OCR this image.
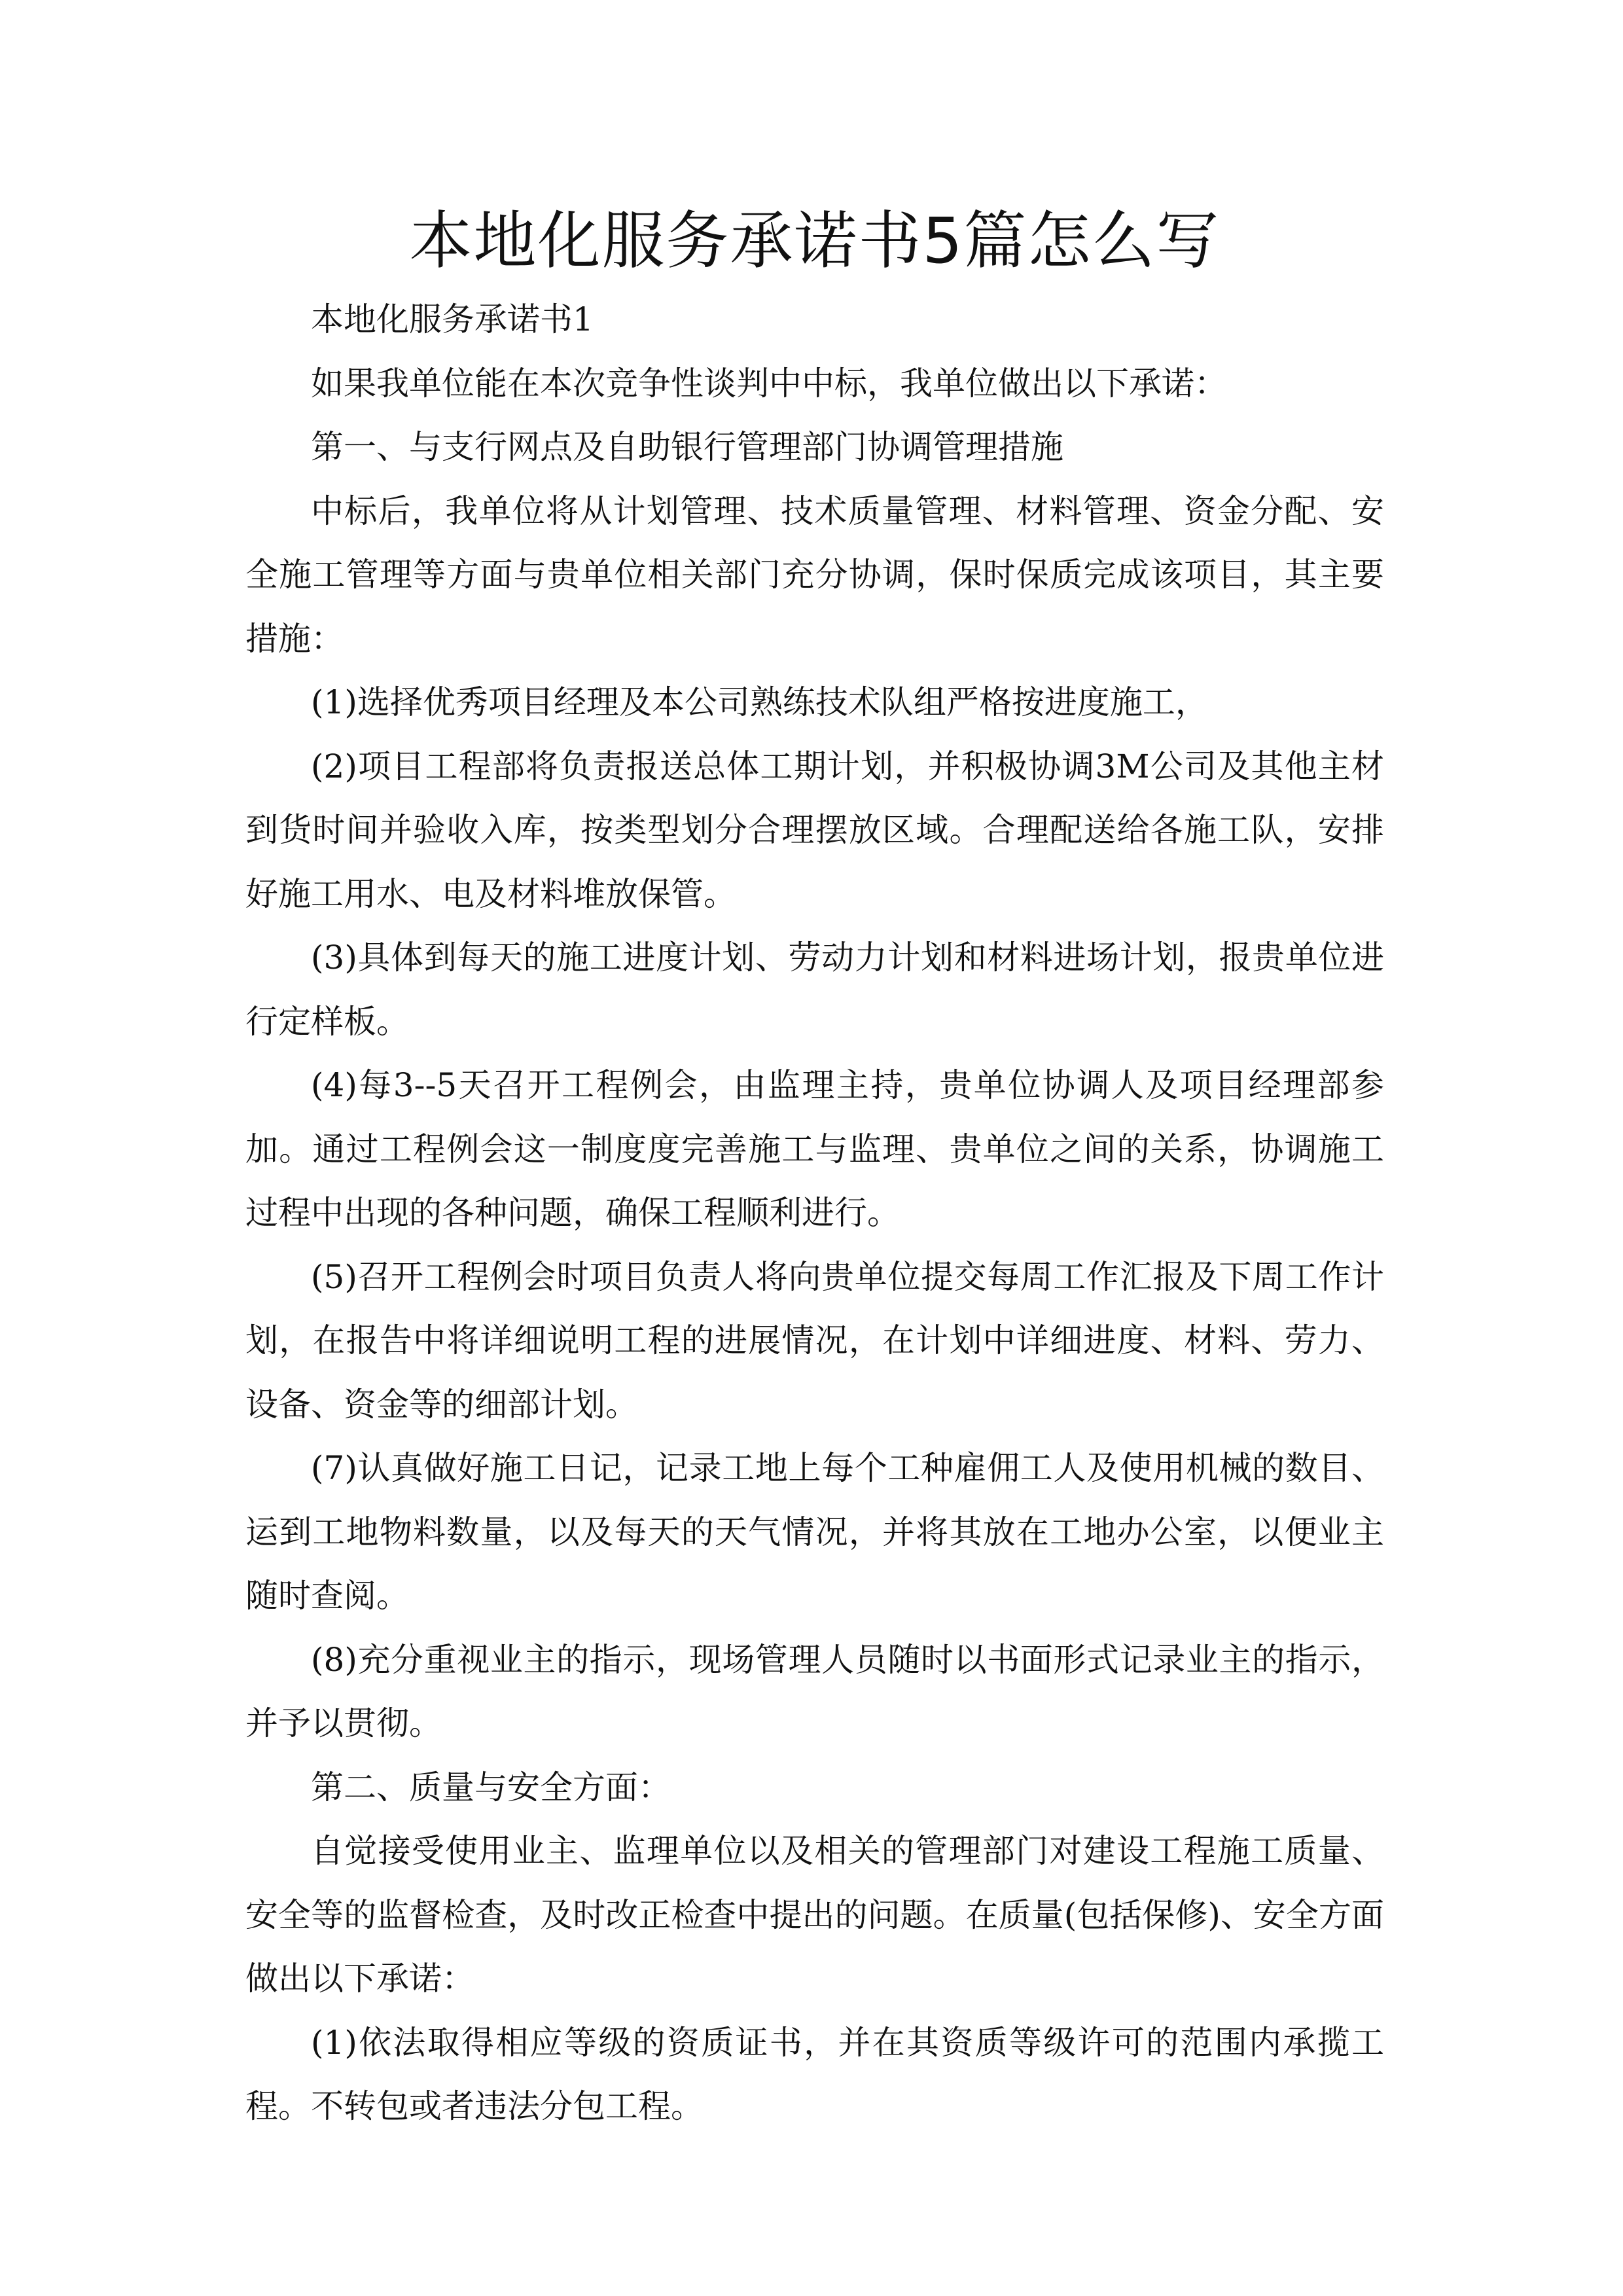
本地化服务承诺书5篇怎么写

本地化服务承诺书1

如果我单位能在本次竞争性谈判中中标，我单位做出以下承诺：

第一、与支行网点及自助银行管理部门协调管理措施

中标后，我单位将从计划管理、技术质量管理、材料管理、资金分配、安全施工管理等方面与贵单位相关部门充分协调，保时保质完成该项目，其主要措施：

(1)选择优秀项目经理及本公司熟练技术队组严格按进度施工，

(2)项目工程部将负责报送总体工期计划，并积极协调3M公司及其他主材到货时间并验收入库，按类型划分合理摆放区域。合理配送给各施工队，安排好施工用水、电及材料堆放保管。

(3)具体到每天的施工进度计划、劳动力计划和材料进场计划，报贵单位进行定样板。

(4)每3--5天召开工程例会，由监理主持，贵单位协调人及项目经理部参加。通过工程例会这一制度度完善施工与监理、贵单位之间的关系，协调施工过程中出现的各种问题，确保工程顺利进行。

(5)召开工程例会时项目负责人将向贵单位提交每周工作汇报及下周工作计划，在报告中将详细说明工程的进展情况，在计划中详细进度、材料、劳力、设备、资金等的细部计划。

(7)认真做好施工日记，记录工地上每个工种雇佣工人及使用机械的数目、运到工地物料数量，以及每天的天气情况，并将其放在工地办公室，以便业主随时查阅。

(8)充分重视业主的指示，现场管理人员随时以书面形式记录业主的指示，并予以贯彻。

第二、质量与安全方面：

自觉接受使用业主、监理单位以及相关的管理部门对建设工程施工质量、安全等的监督检查，及时改正检查中提出的问题。在质量(包括保修)、安全方面做出以下承诺：

(1)依法取得相应等级的资质证书，并在其资质等级许可的范围内承揽工程。不转包或者违法分包工程。
